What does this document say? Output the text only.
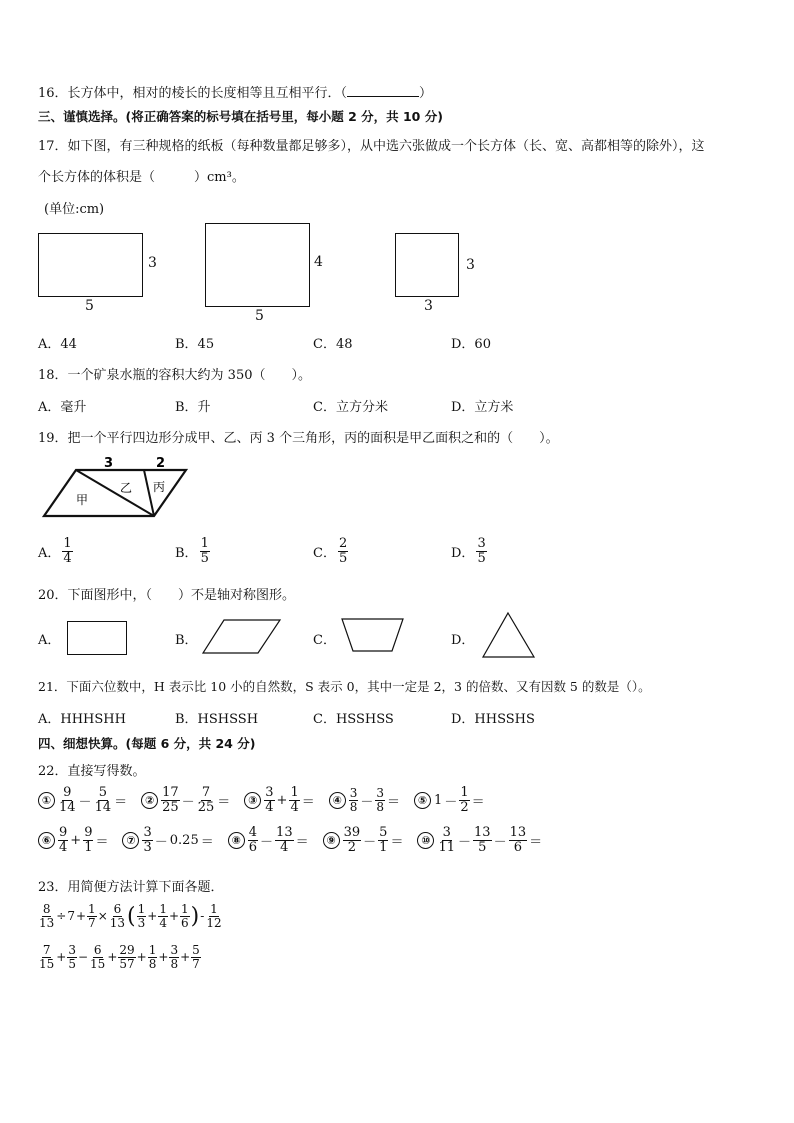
16．长方体中，相对的棱长的长度相等且互相平行．（	）
三、谨慎选择。(将正确答案的标号填在括号里，每小题 2 分，共 10 分)
17．如下图，有三种规格的纸板（每种数量都足够多），从中选六张做成一个长方体（长、宽、高都相等的除外），这
个长方体的体积是（　　　）cm³。
(单位:cm)
3
5
4
5
3
3
A．44	B．45	C．48	D．60
18．一个矿泉水瓶的容积大约为 350（　　）。
A．毫升	B．升	C．立方分米	D．立方米
19．把一个平行四边形分成甲、乙、丙 3 个三角形，丙的面积是甲乙面积之和的（　　）。
3	2
甲
乙 丙
A． $\frac{1}{4}$	B． $\frac{1}{5}$	C． $\frac{2}{5}$	D． $\frac{3}{5}$
20．下面图形中，（　　）不是轴对称图形。
A．	B．	C．	D．
21．下面六位数中，H 表示比 10 小的自然数，S 表示 0，其中一定是 2，3 的倍数、又有因数 5 的数是（）。
A．HHHSHH	B．HSHSSH	C．HSSHSS	D．HHSSHS
四、细想快算。(每题 6 分，共 24 分)
22．直接写得数。
① $\frac{9}{14} - \frac{5}{14}$ ＝	② $\frac{17}{25} - \frac{7}{25}$ ＝	③ $\frac{3}{4} + \frac{1}{4}$ ＝	④ $\frac{3}{8} - \frac{3}{8}$ ＝	⑤ $1 - \frac{1}{2}$ ＝
⑥ $\frac{9}{4} + \frac{9}{1}$ ＝	⑦ $\frac{3}{3} - 0.25$ ＝	⑧ $\frac{4}{6} - \frac{13}{4}$ ＝	⑨ $\frac{39}{2} - \frac{5}{1}$ ＝	⑩ $\frac{3}{11} - \frac{13}{5} - \frac{13}{6}$ ＝
23．用简便方法计算下面各题．
$\frac{8}{13} \div 7 + \frac{1}{7} \times \frac{6}{13}$ ( $\frac{1}{3} + \frac{1}{4} + \frac{1}{6}$ ) - $\frac{1}{12}$
$\frac{7}{15} + \frac{3}{5} - \frac{6}{15} + \frac{29}{57} + \frac{1}{8} + \frac{3}{8} + \frac{5}{7}$
